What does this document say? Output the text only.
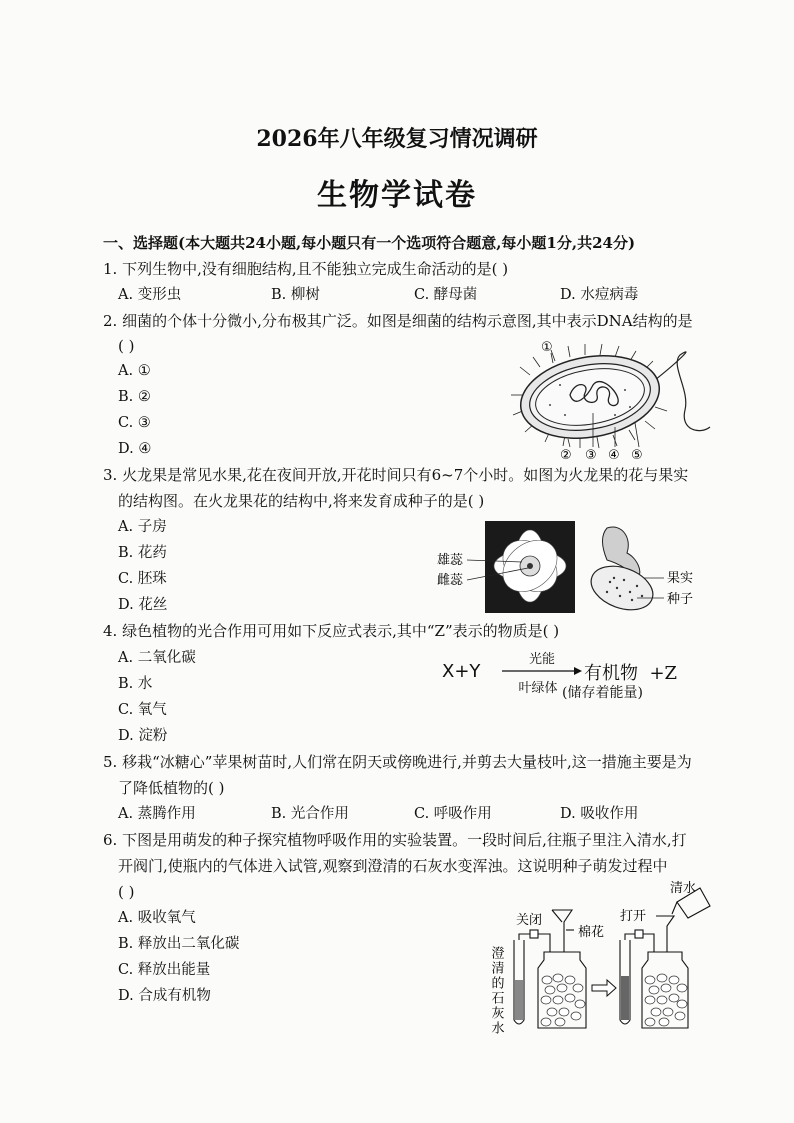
2026年八年级复习情况调研
生物学试卷
一、选择题(本大题共24小题,每小题只有一个选项符合题意,每小题1分,共24分)
1. 下列生物中,没有细胞结构,且不能独立完成生命活动的是( )
A. 变形虫	B. 柳树	C. 酵母菌	D. 水痘病毒
2. 细菌的个体十分微小,分布极其广泛。如图是细菌的结构示意图,其中表示DNA结构的是
( )
A. ①
B. ②
C. ③
D. ④
①
② ③ ④ ⑤
3. 火龙果是常见水果,花在夜间开放,开花时间只有6~7个小时。如图为火龙果的花与果实
的结构图。在火龙果花的结构中,将来发育成种子的是( )
A. 子房
B. 花药
C. 胚珠
D. 花丝
雄蕊
雌蕊	果实
种子
4. 绿色植物的光合作用可用如下反应式表示,其中“Z”表示的物质是( )
A. 二氧化碳
B. 水
C. 氧气
D. 淀粉
X+Y
光能
叶绿体
有机物  +Z
(储存着能量)
5. 移栽“冰糖心”苹果树苗时,人们常在阴天或傍晚进行,并剪去大量枝叶,这一措施主要是为
了降低植物的( )
A. 蒸腾作用	B. 光合作用	C. 呼吸作用	D. 吸收作用
6. 下图是用萌发的种子探究植物呼吸作用的实验装置。一段时间后,往瓶子里注入清水,打
开阀门,使瓶内的气体进入试管,观察到澄清的石灰水变浑浊。这说明种子萌发过程中
( )
A. 吸收氧气
B. 释放出二氧化碳
C. 释放出能量
D. 合成有机物	澄清的石灰水
关闭
棉花
打开
清水
